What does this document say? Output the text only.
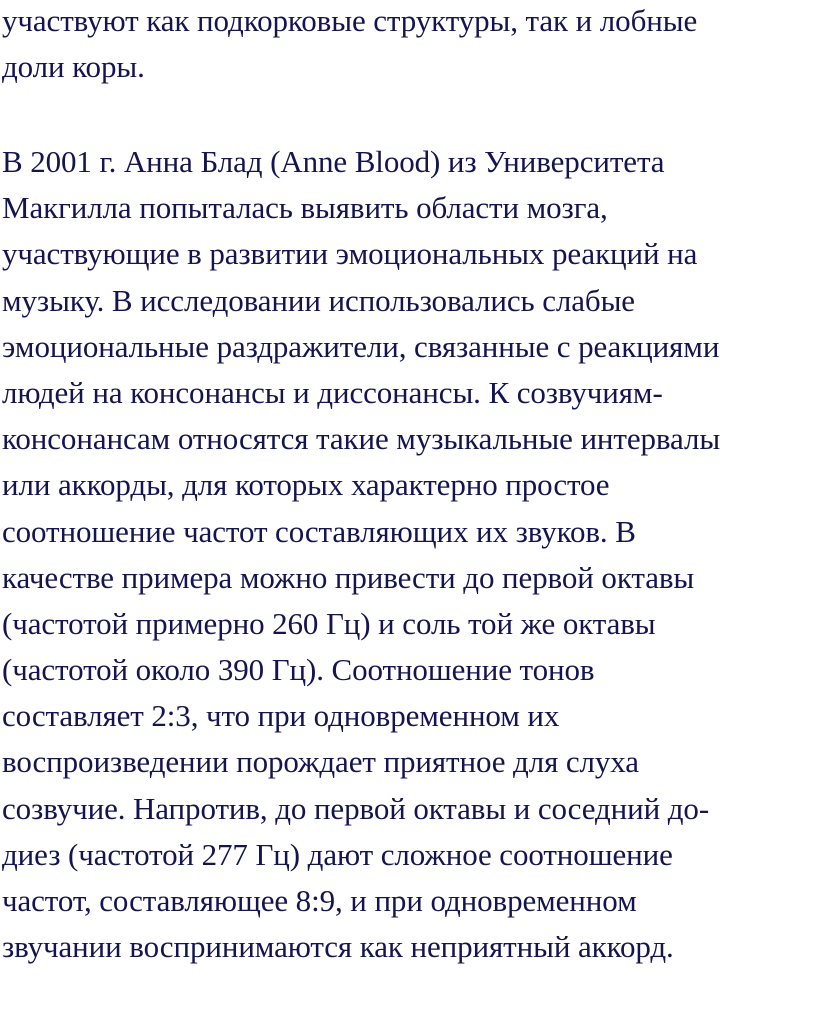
участвуют как подкорковые структуры, так и лобные
доли коры.

В 2001 г. Анна Блад (Anne Blood) из Университета
Макгилла попыталась выявить области мозга,
участвующие в развитии эмоциональных реакций на
музыку. В исследовании использовались слабые
эмоциональные раздражители, связанные с реакциями
людей на консонансы и диссонансы. К созвучиям-
консонансам относятся такие музыкальные интервалы
или аккорды, для которых характерно простое
соотношение частот составляющих их звуков. В
качестве примера можно привести до первой октавы
(частотой примерно 260 Гц) и соль той же октавы
(частотой около 390 Гц). Соотношение тонов
составляет 2:3, что при одновременном их
воспроизведении порождает приятное для слуха
созвучие. Напротив, до первой октавы и соседний до-
диез (частотой 277 Гц) дают сложное соотношение
частот, составляющее 8:9, и при одновременном
звучании воспринимаются как неприятный аккорд.
